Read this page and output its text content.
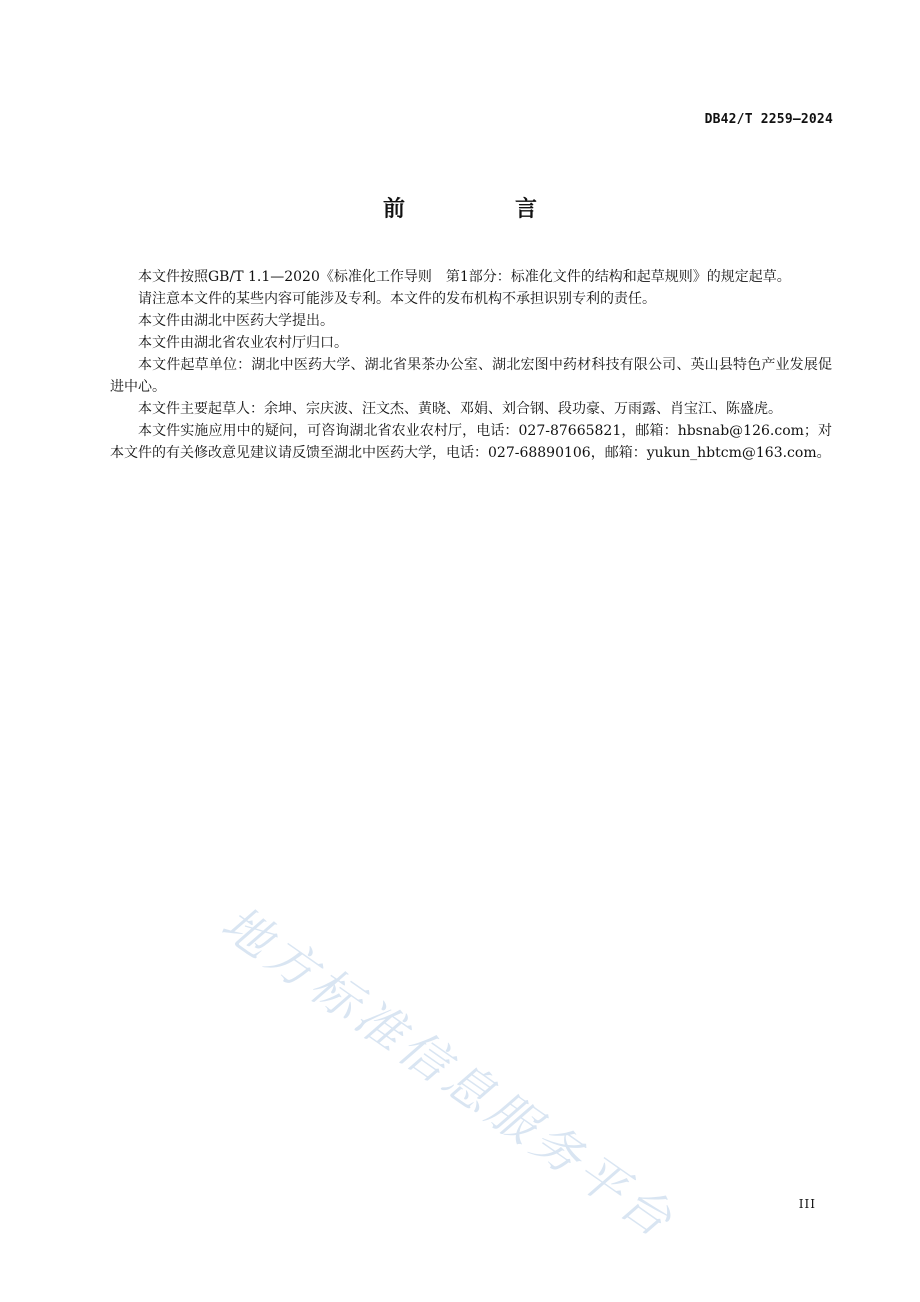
DB42/T 2259—2024
前　言

本文件按照GB/T 1.1—2020《标准化工作导则　第1部分：标准化文件的结构和起草规则》的规定起草。

请注意本文件的某些内容可能涉及专利。本文件的发布机构不承担识别专利的责任。

本文件由湖北中医药大学提出。

本文件由湖北省农业农村厅归口。

本文件起草单位：湖北中医药大学、湖北省果茶办公室、湖北宏图中药材科技有限公司、英山县特色产业发展促进中心。

本文件主要起草人：余坤、宗庆波、汪文杰、黄晓、邓娟、刘合钢、段功豪、万雨露、肖宝江、陈盛虎。

本文件实施应用中的疑问，可咨询湖北省农业农村厅，电话：027-87665821，邮箱：hbsnab@126.com；对本文件的有关修改意见建议请反馈至湖北中医药大学，电话：027-68890106，邮箱：yukun_hbtcm@163.com。

地方标准信息服务平台	III
